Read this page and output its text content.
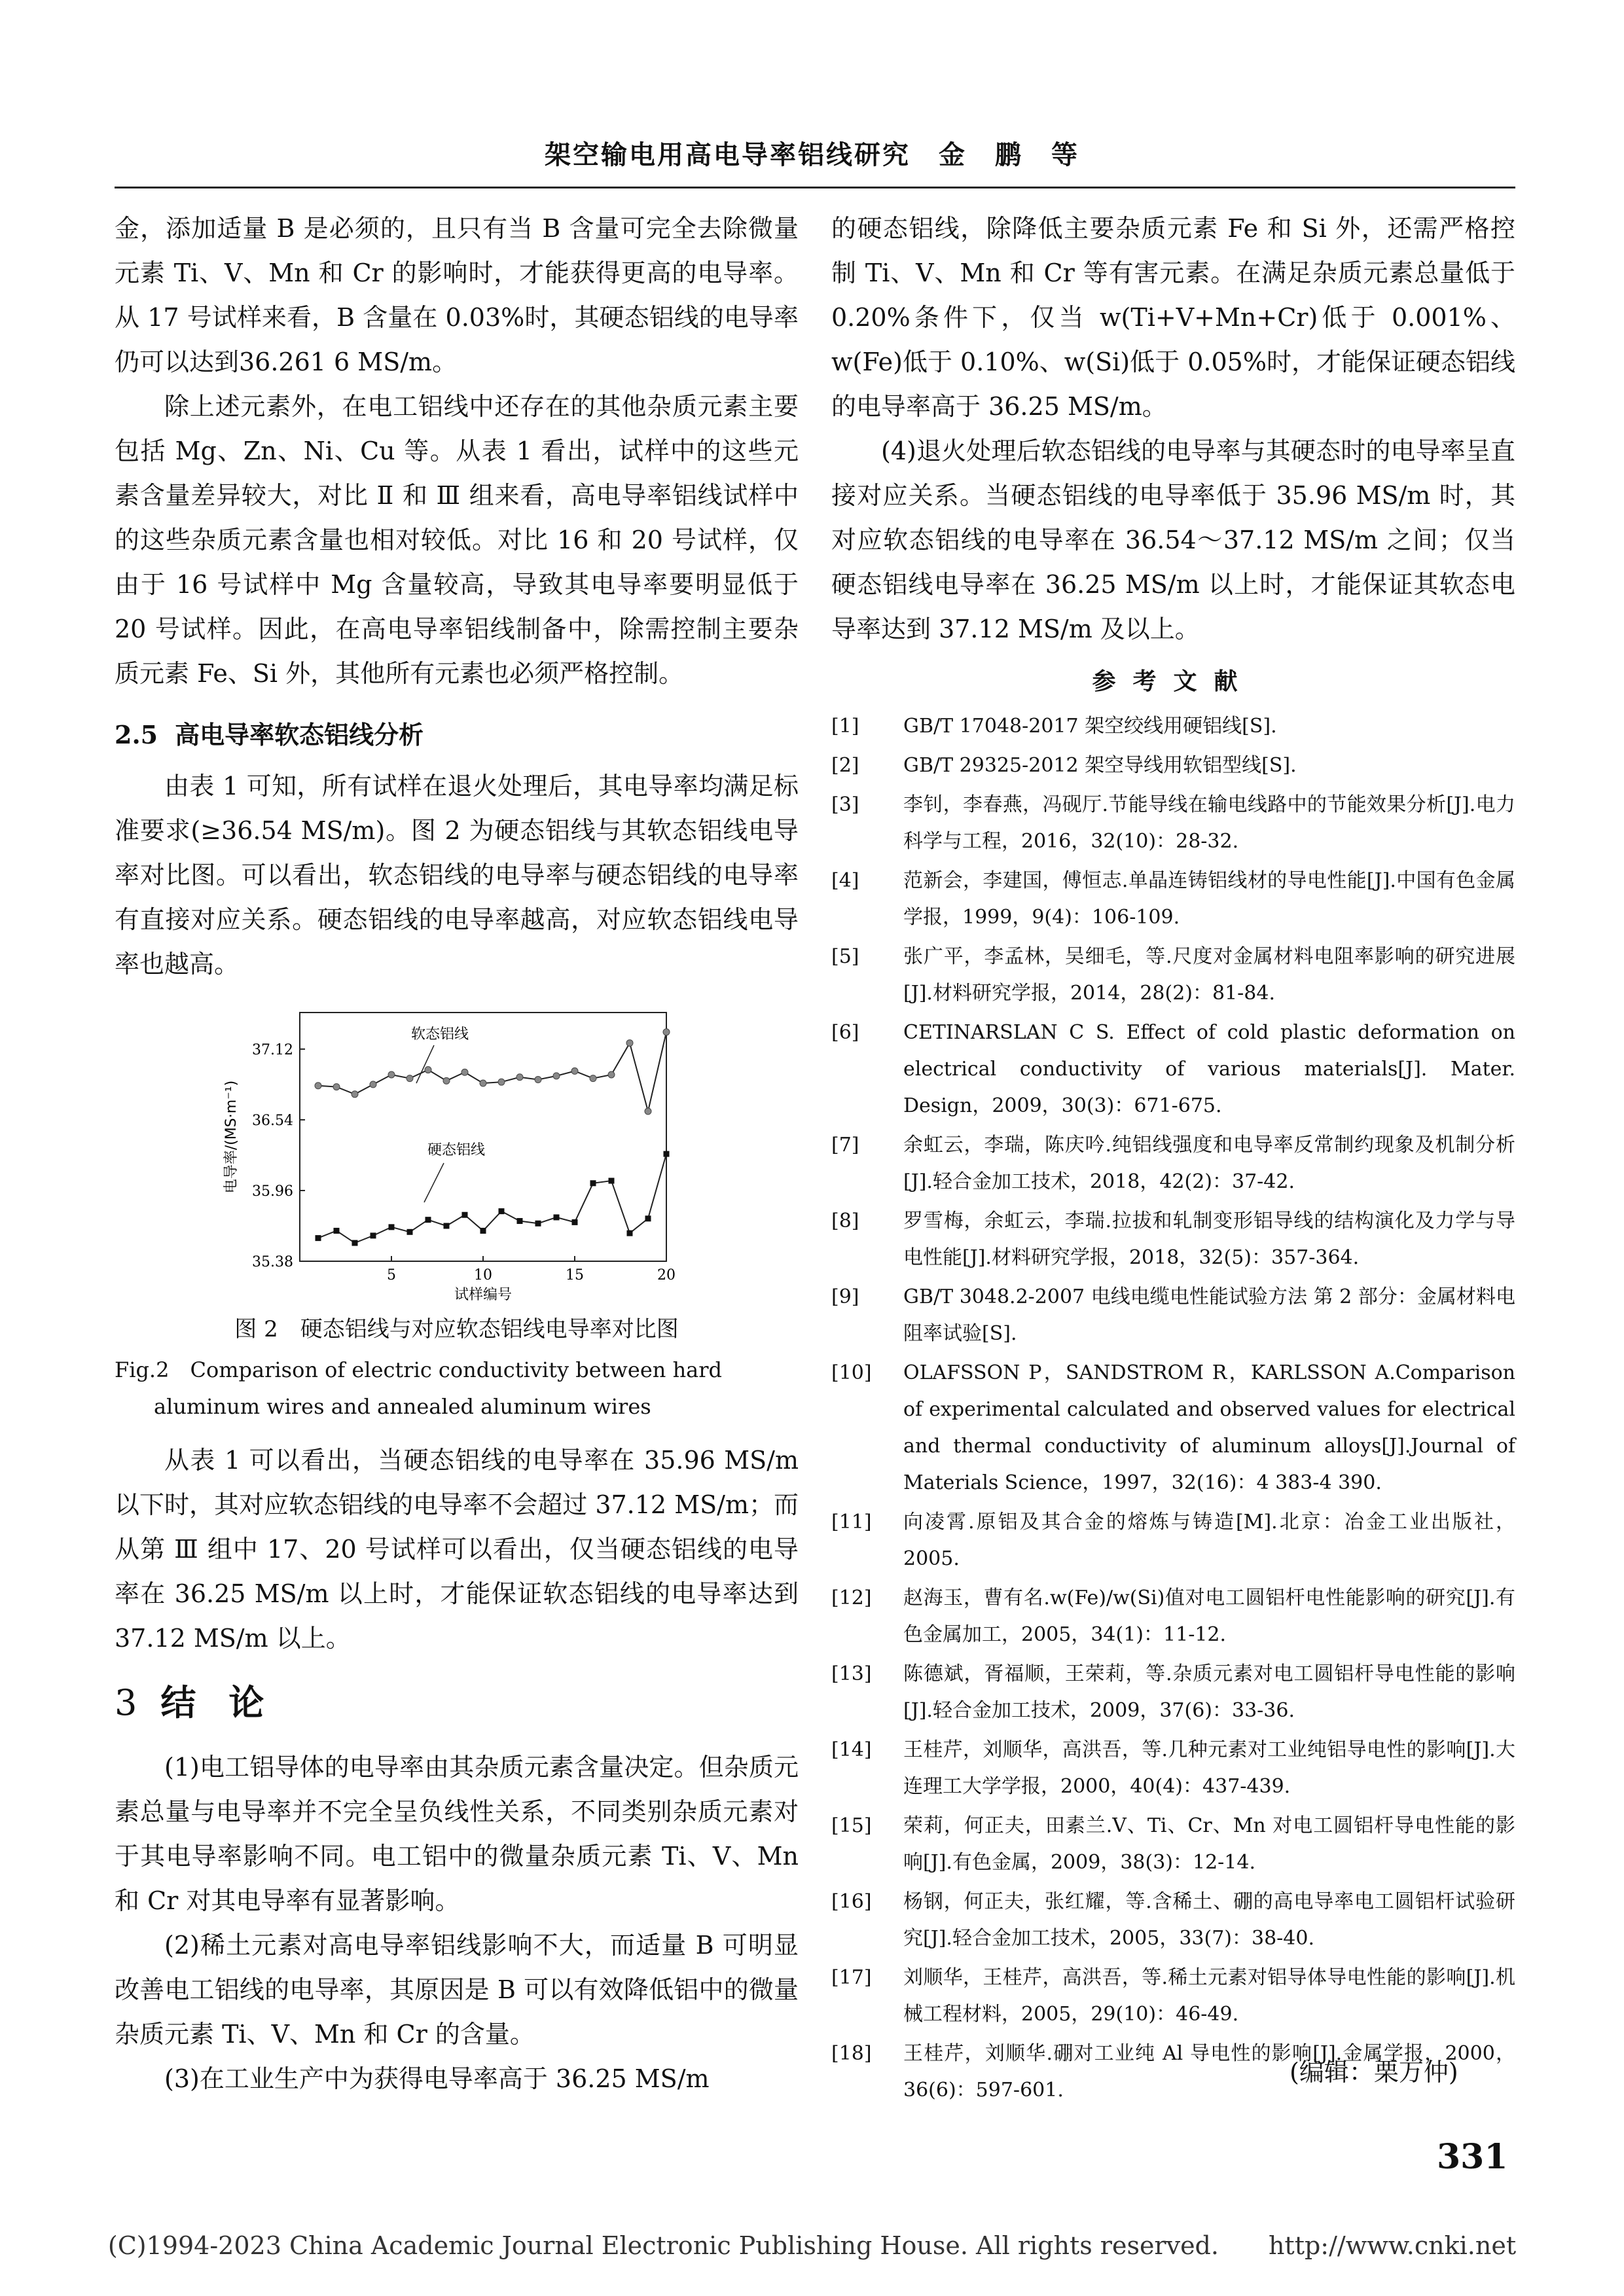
架空输电用高电导率铝线研究　金　鹏　等

金，添加适量 B 是必须的，且只有当 B 含量可完全去除微量元素 Ti、V、Mn 和 Cr 的影响时，才能获得更高的电导率。从 17 号试样来看，B 含量在 0.03%时，其硬态铝线的电导率仍可以达到36.261 6 MS/m。

除上述元素外，在电工铝线中还存在的其他杂质元素主要包括 Mg、Zn、Ni、Cu 等。从表 1 看出，试样中的这些元素含量差异较大，对比 Ⅱ 和 Ⅲ 组来看，高电导率铝线试样中的这些杂质元素含量也相对较低。对比 16 和 20 号试样，仅由于 16 号试样中 Mg 含量较高，导致其电导率要明显低于 20 号试样。因此，在高电导率铝线制备中，除需控制主要杂质元素 Fe、Si 外，其他所有元素也必须严格控制。

2.5 高电导率软态铝线分析

由表 1 可知，所有试样在退火处理后，其电导率均满足标准要求(≥36.54 MS/m)。图 2 为硬态铝线与其软态铝线电导率对比图。可以看出，软态铝线的电导率与硬态铝线的电导率有直接对应关系。硬态铝线的电导率越高，对应软态铝线电导率也越高。

35.38
35.96
36.54
37.12
5	10	15	20
电导率/(MS·m⁻¹)
试样编号
软态铝线
硬态铝线
图 2　硬态铝线与对应软态铝线电导率对比图
Fig.2　Comparison of electric conductivity between hard aluminum wires and annealed aluminum wires

从表 1 可以看出，当硬态铝线的电导率在 35.96 MS/m 以下时，其对应软态铝线的电导率不会超过 37.12 MS/m；而从第 Ⅲ 组中 17、20 号试样可以看出，仅当硬态铝线的电导率在 36.25 MS/m 以上时，才能保证软态铝线的电导率达到 37.12 MS/m 以上。

3 结论

(1)电工铝导体的电导率由其杂质元素含量决定。但杂质元素总量与电导率并不完全呈负线性关系，不同类别杂质元素对于其电导率影响不同。电工铝中的微量杂质元素 Ti、V、Mn 和 Cr 对其电导率有显著影响。

(2)稀土元素对高电导率铝线影响不大，而适量 B 可明显改善电工铝线的电导率，其原因是 B 可以有效降低铝中的微量杂质元素 Ti、V、Mn 和 Cr 的含量。

(3)在工业生产中为获得电导率高于 36.25 MS/m

的硬态铝线，除降低主要杂质元素 Fe 和 Si 外，还需严格控制 Ti、V、Mn 和 Cr 等有害元素。在满足杂质元素总量低于 0.20%条件下，仅当 w(Ti+V+Mn+Cr)低于 0.001%、w(Fe)低于 0.10%、w(Si)低于 0.05%时，才能保证硬态铝线的电导率高于 36.25 MS/m。

(4)退火处理后软态铝线的电导率与其硬态时的电导率呈直接对应关系。当硬态铝线的电导率低于 35.96 MS/m 时，其对应软态铝线的电导率在 36.54～37.12 MS/m 之间；仅当硬态铝线电导率在 36.25 MS/m 以上时，才能保证其软态电导率达到 37.12 MS/m 及以上。

参考文献
[1]	GB/T 17048-2017 架空绞线用硬铝线[S].
[2]	GB/T 29325-2012 架空导线用软铝型线[S].
[3]	李钊，李春燕，冯砚厅.节能导线在输电线路中的节能效果分析[J].电力科学与工程，2016，32(10)：28-32.
[4]	范新会，李建国，傅恒志.单晶连铸铝线材的导电性能[J].中国有色金属学报，1999，9(4)：106-109.
[5]	张广平，李孟林，吴细毛，等.尺度对金属材料电阻率影响的研究进展[J].材料研究学报，2014，28(2)：81-84.
[6]	CETINARSLAN C S. Effect of cold plastic deformation on electrical conductivity of various materials[J]. Mater. Design，2009，30(3)：671-675.
[7]	余虹云，李瑞，陈庆吟.纯铝线强度和电导率反常制约现象及机制分析[J].轻合金加工技术，2018，42(2)：37-42.
[8]	罗雪梅，余虹云，李瑞.拉拔和轧制变形铝导线的结构演化及力学与导电性能[J].材料研究学报，2018，32(5)：357-364.
[9]	GB/T 3048.2-2007 电线电缆电性能试验方法 第 2 部分：金属材料电阻率试验[S].
[10]	OLAFSSON P，SANDSTROM R，KARLSSON A.Comparison of experimental calculated and observed values for electrical and thermal conductivity of aluminum alloys[J].Journal of Materials Science，1997，32(16)：4 383-4 390.
[11]	向凌霄.原铝及其合金的熔炼与铸造[M].北京：冶金工业出版社，2005.
[12]	赵海玉，曹有名.w(Fe)/w(Si)值对电工圆铝杆电性能影响的研究[J].有色金属加工，2005，34(1)：11-12.
[13]	陈德斌，胥福顺，王荣莉，等.杂质元素对电工圆铝杆导电性能的影响[J].轻合金加工技术，2009，37(6)：33-36.
[14]	王桂芹，刘顺华，高洪吾，等.几种元素对工业纯铝导电性的影响[J].大连理工大学学报，2000，40(4)：437-439.
[15]	荣莉，何正夫，田素兰.V、Ti、Cr、Mn 对电工圆铝杆导电性能的影响[J].有色金属，2009，38(3)：12-14.
[16]	杨钢，何正夫，张红耀，等.含稀土、硼的高电导率电工圆铝杆试验研究[J].轻合金加工技术，2005，33(7)：38-40.
[17]	刘顺华，王桂芹，高洪吾，等.稀土元素对铝导体导电性能的影响[J].机械工程材料，2005，29(10)：46-49.
[18]	王桂芹，刘顺华.硼对工业纯 Al 导电性的影响[J].金属学报，2000，36(6)：597-601.
(编辑：栗万仲)
331
(C)1994-2023 China Academic Journal Electronic Publishing House. All rights reserved.　　http://www.cnki.net
